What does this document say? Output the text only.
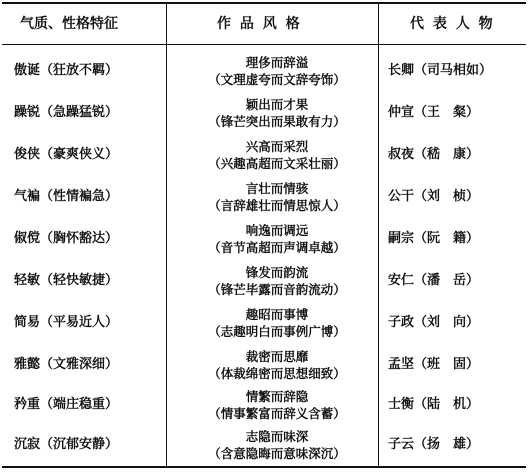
气质、性格特征	作 品 风 格	代 表 人 物
傲诞（狂放不羁）
理侈而辞溢
（文理虚夸而文辞夸饰）
长卿（司马相如）
躁锐（急躁猛锐）
颖出而才果
（锋芒突出而果敢有力）
仲宣（王　粲）
俊侠（豪爽侠义）
兴高而采烈
（兴趣高超而文采壮丽）
叔夜（嵇　康）
气褊（性情褊急）
言壮而情骇
（言辞雄壮而情思惊人）
公干（刘　桢）
俶傥（胸怀豁达）
响逸而调远
（音节高超而声调卓越）
嗣宗（阮　籍）
轻敏（轻快敏捷）
锋发而韵流
（锋芒毕露而音韵流动）
安仁（潘　岳）
简易（平易近人）
趣昭而事博
（志趣明白而事例广博）
子政（刘　向）
雅懿（文雅深细）
裁密而思靡
（体裁绵密而思想细致）
孟坚（班　固）
矜重（端庄稳重）
情繁而辞隐
（情事繁富而辞义含蓄）
士衡（陆　机）
沉寂（沉郁安静）
志隐而味深
（含意隐晦而意味深沉）
子云（扬　雄）
